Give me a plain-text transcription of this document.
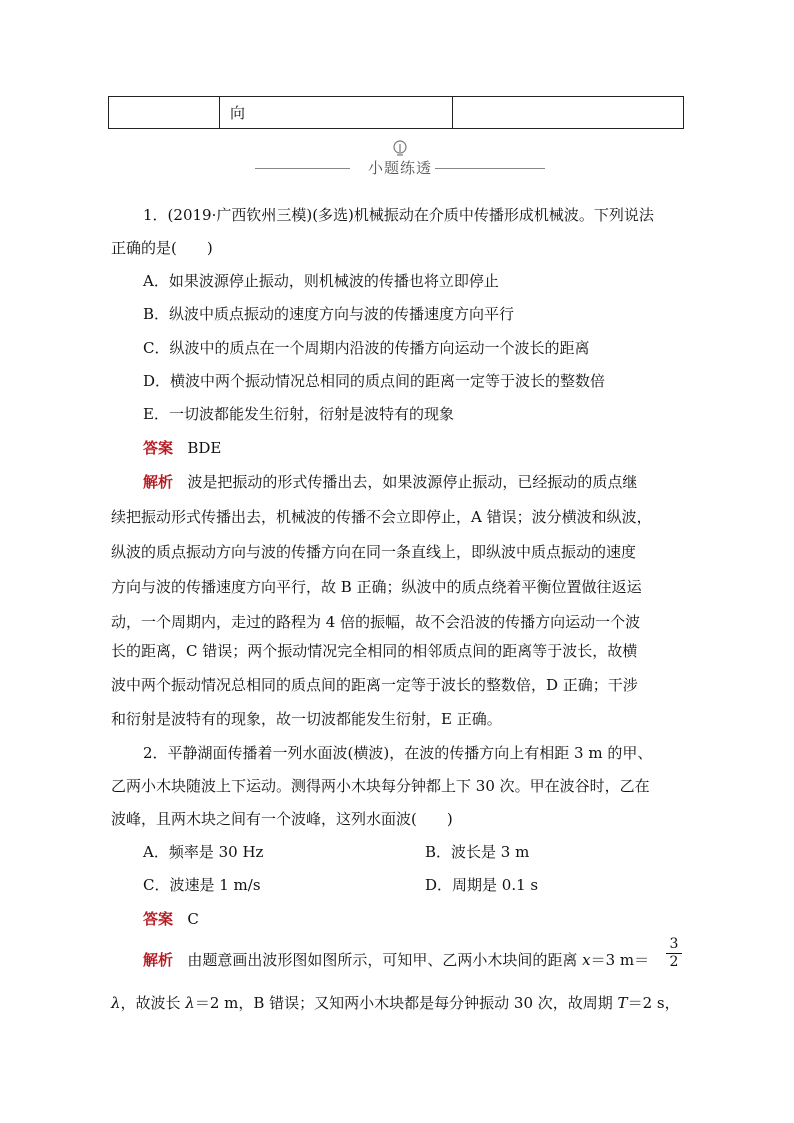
	向	
小题练透
1．(2019·广西钦州三模)(多选)机械振动在介质中传播形成机械波。下列说法
正确的是(　　)
A．如果波源停止振动，则机械波的传播也将立即停止
B．纵波中质点振动的速度方向与波的传播速度方向平行
C．纵波中的质点在一个周期内沿波的传播方向运动一个波长的距离
D．横波中两个振动情况总相同的质点间的距离一定等于波长的整数倍
E．一切波都能发生衍射，衍射是波特有的现象
答案 BDE
解析 波是把振动的形式传播出去，如果波源停止振动，已经振动的质点继
续把振动形式传播出去，机械波的传播不会立即停止，A 错误；波分横波和纵波，
纵波的质点振动方向与波的传播方向在同一条直线上，即纵波中质点振动的速度
方向与波的传播速度方向平行，故 B 正确；纵波中的质点绕着平衡位置做往返运
动，一个周期内，走过的路程为 4 倍的振幅，故不会沿波的传播方向运动一个波
长的距离，C 错误；两个振动情况完全相同的相邻质点间的距离等于波长，故横
波中两个振动情况总相同的质点间的距离一定等于波长的整数倍，D 正确；干涉
和衍射是波特有的现象，故一切波都能发生衍射，E 正确。
2．平静湖面传播着一列水面波(横波)，在波的传播方向上有相距 3 m 的甲、
乙两小木块随波上下运动。测得两小木块每分钟都上下 30 次。甲在波谷时，乙在
波峰，且两木块之间有一个波峰，这列水面波(　　)
A．频率是 30 Hz	B．波长是 3 m
C．波速是 1 m/s	D．周期是 0.1 s
答案 C
解析 由题意画出波形图如图所示，可知甲、乙两小木块间的距离 x＝3 m＝
3
2
λ，故波长 λ＝2 m，B 错误；又知两小木块都是每分钟振动 30 次，故周期 T＝2 s，
